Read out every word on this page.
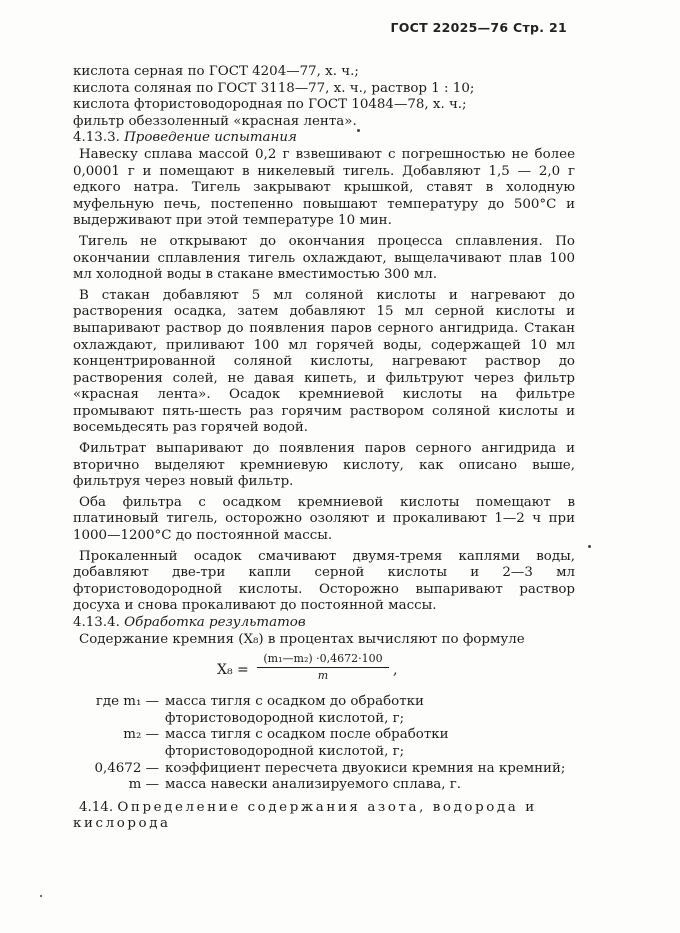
ГОСТ 22025—76 Стр. 21

кислота серная по ГОСТ 4204—77, х. ч.;

кислота соляная по ГОСТ 3118—77, х. ч., раствор 1 : 10;

кислота фтористоводородная по ГОСТ 10484—78, х. ч.;

фильтр обеззоленный «красная лента».

4.13.3. Проведение испытания

Навеску сплава массой 0,2 г взвешивают с погрешностью не более 0,0001 г и помещают в никелевый тигель. Добавляют 1,5 — 2,0 г едкого натра. Тигель закрывают крышкой, ставят в холодную муфельную печь, постепенно повышают температуру до 500°С и выдерживают при этой температуре 10 мин.

Тигель не открывают до окончания процесса сплавления. По окончании сплавления тигель охлаждают, выщелачивают плав 100 мл холодной воды в стакане вместимостью 300 мл.

В стакан добавляют 5 мл соляной кислоты и нагревают до растворения осадка, затем добавляют 15 мл серной кислоты и выпаривают раствор до появления паров серного ангидрида. Стакан охлаждают, приливают 100 мл горячей воды, содержащей 10 мл концентрированной соляной кислоты, нагревают раствор до растворения солей, не давая кипеть, и фильтруют через фильтр «красная лента». Осадок кремниевой кислоты на фильтре промывают пять-шесть раз горячим раствором соляной кислоты и восемьдесять раз горячей водой.

Фильтрат выпаривают до появления паров серного ангидрида и вторично выделяют кремниевую кислоту, как описано выше, фильтруя через новый фильтр.

Оба фильтра с осадком кремниевой кислоты помещают в платиновый тигель, осторожно озоляют и прокаливают 1—2 ч при 1000—1200°С до постоянной массы.

Прокаленный осадок смачивают двумя-тремя каплями воды, добавляют две-три капли серной кислоты и 2—3 мл фтористоводородной кислоты. Осторожно выпаривают раствор досуха и снова прокаливают до постоянной массы.

4.13.4. Обработка результатов

Содержание кремния (X₈) в процентах вычисляют по формуле

X₈ =
(m₁—m₂) ·0,4672·100
m	,
где m₁ — масса тигля с осадком до обработки фтористоводородной кислотой, г;
m₂ — масса тигля с осадком после обработки фтористоводородной кислотой, г;
0,4672 — коэффициент пересчета двуокиси кремния на кремний;
m — масса навески анализируемого сплава, г.

4.14. Определение содержания азота, водорода и кислорода
